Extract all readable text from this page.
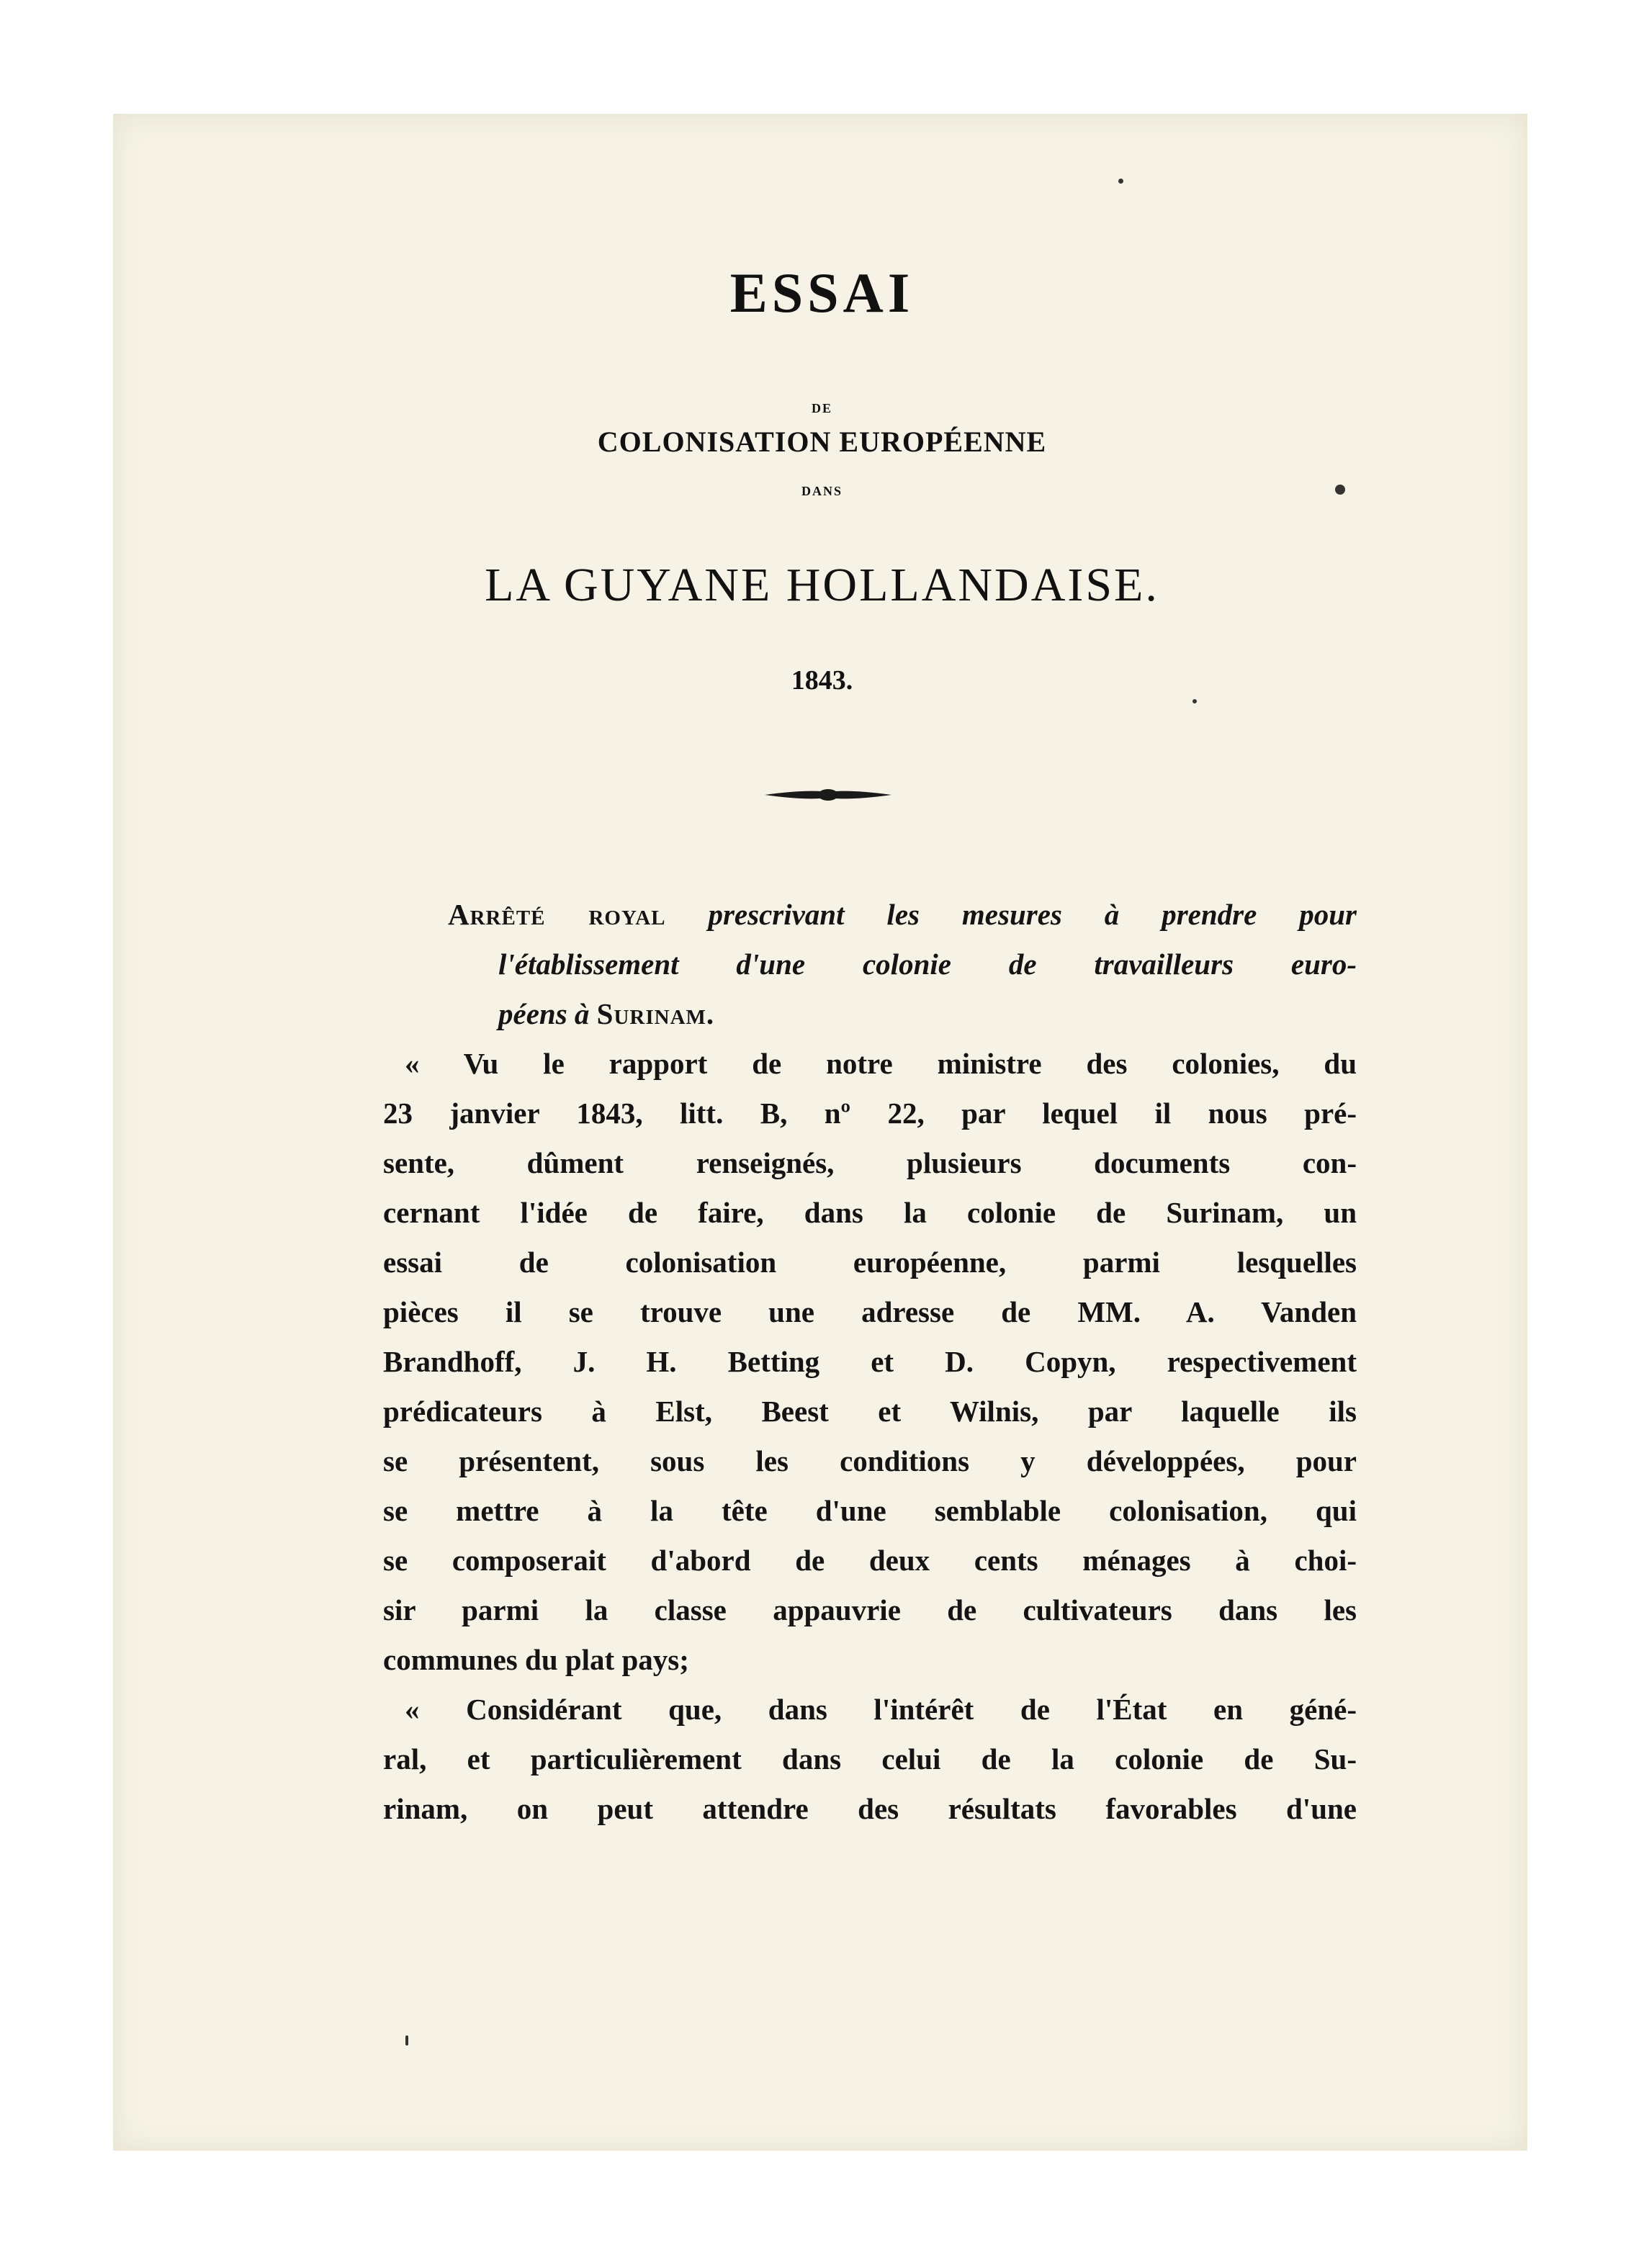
ESSAI
DE
COLONISATION EUROPÉENNE
DANS
LA GUYANE HOLLANDAISE.
1843.
Arrêté royal prescrivant les mesures à prendre pour
l'établissement d'une colonie de travailleurs euro-
péens à Surinam.
« Vu le rapport de notre ministre des colonies, du
23 janvier 1843, litt. B, nº 22, par lequel il nous pré-
sente, dûment renseignés, plusieurs documents con-
cernant l'idée de faire, dans la colonie de Surinam, un
essai de colonisation européenne, parmi lesquelles
pièces il se trouve une adresse de MM. A. Vanden
Brandhoff, J. H. Betting et D. Copyn, respectivement
prédicateurs à Elst, Beest et Wilnis, par laquelle ils
se présentent, sous les conditions y développées, pour
se mettre à la tête d'une semblable colonisation, qui
se composerait d'abord de deux cents ménages à choi-
sir parmi la classe appauvrie de cultivateurs dans les
communes du plat pays;
« Considérant que, dans l'intérêt de l'État en géné-
ral, et particulièrement dans celui de la colonie de Su-
rinam, on peut attendre des résultats favorables d'une
